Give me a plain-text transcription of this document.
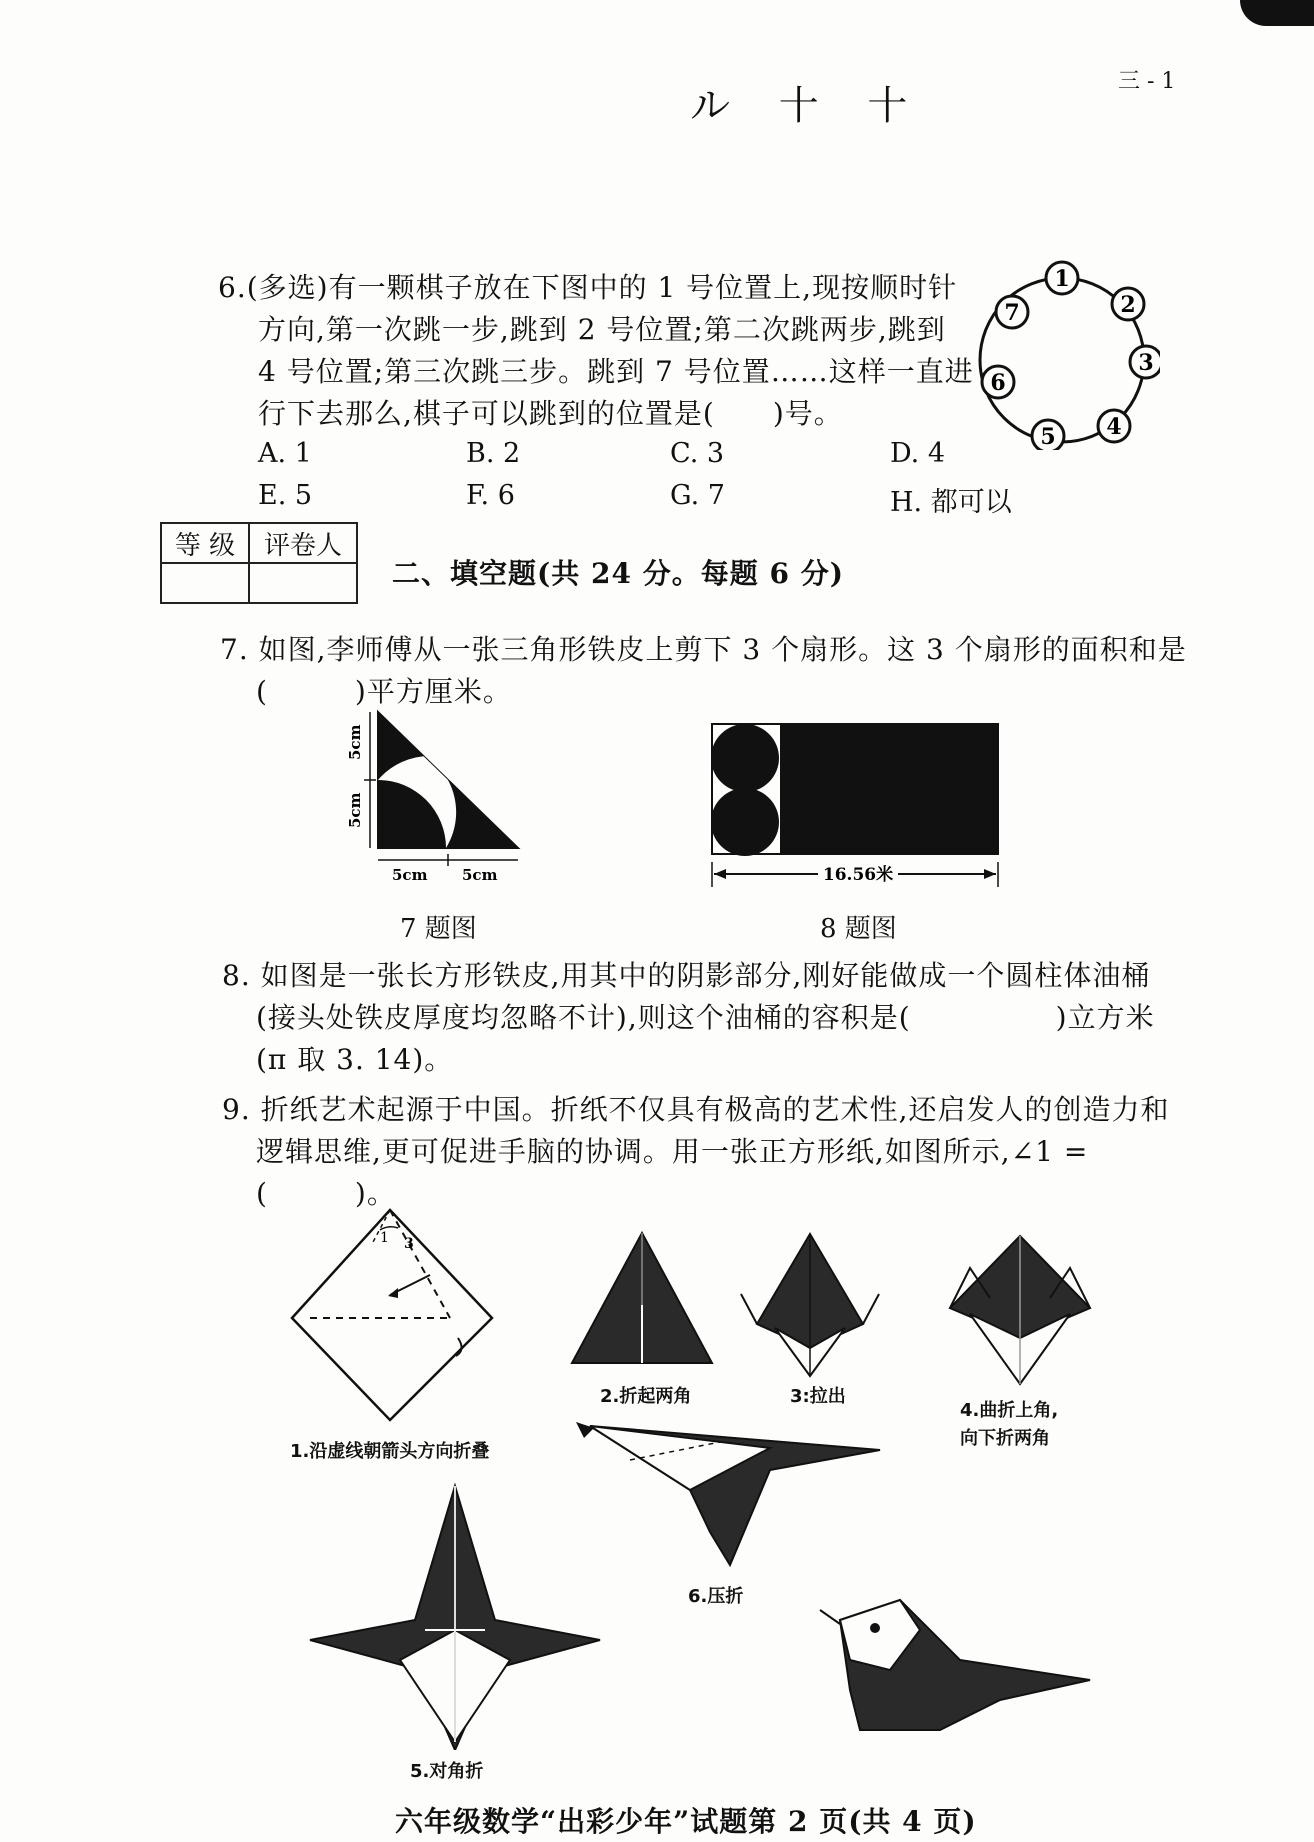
ル 十 十
三 - 1
6.(多选)有一颗棋子放在下图中的 1 号位置上,现按顺时针
方向,第一次跳一步,跳到 2 号位置;第二次跳两步,跳到
4 号位置;第三次跳三步。跳到 7 号位置……这样一直进
行下去那么,棋子可以跳到的位置是(　　)号。
A. 1	B. 2	C. 3	D. 4
E. 5	F. 6	G. 7	H. 都可以
1
2
3
4
5
6
7
等 级	评卷人

二、填空题(共 24 分。每题 6 分)
7. 如图,李师傅从一张三角形铁皮上剪下 3 个扇形。这 3 个扇形的面积和是
(　　　)平方厘米。
5cm
5cm
5cm 5cm
7 题图
16.56米
8 题图
8. 如图是一张长方形铁皮,用其中的阴影部分,刚好能做成一个圆柱体油桶
(接头处铁皮厚度均忽略不计),则这个油桶的容积是(　　　　　)立方米
(π 取 3. 14)。
9. 折纸艺术起源于中国。折纸不仅具有极高的艺术性,还启发人的创造力和
逻辑思维,更可促进手脑的协调。用一张正方形纸,如图所示,∠1 =
(　　　)。
1 3
1.沿虚线朝箭头方向折叠
2.折起两角	3:拉出
4.曲折上角,
向下折两角
6.压折
5.对角折
六年级数学“出彩少年”试题第 2 页(共 4 页)
